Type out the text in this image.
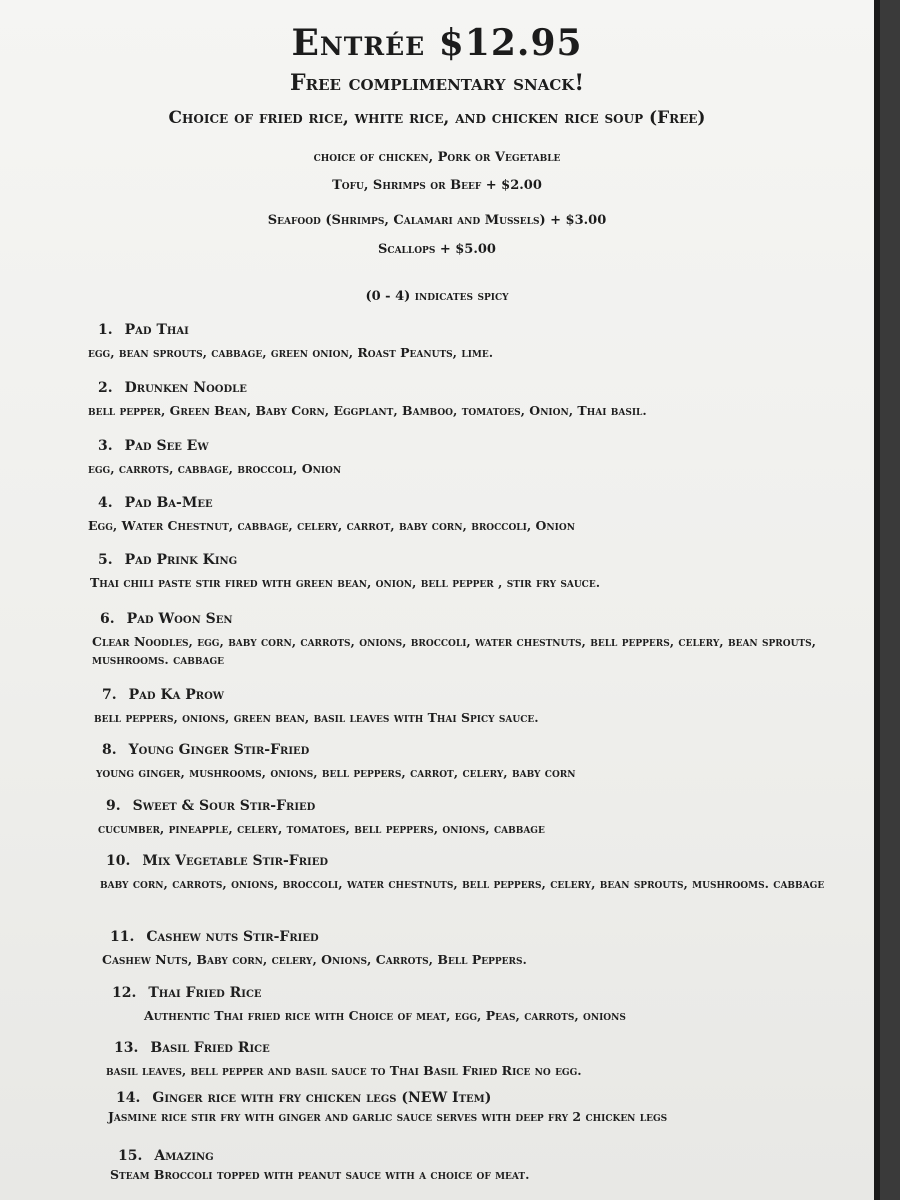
Entrée $12.95
Free complimentary snack!
Choice of fried rice, white rice, and chicken rice soup (Free)
choice of chicken, Pork or Vegetable
Tofu, Shrimps or Beef + $2.00
Seafood (Shrimps, Calamari and Mussels) + $3.00
Scallops + $5.00
(0 - 4) indicates spicy
1. Pad Thai
egg, bean sprouts, cabbage, green onion, Roast Peanuts, lime.
2. Drunken Noodle
bell pepper, Green Bean, Baby Corn, Eggplant, Bamboo, tomatoes, Onion, Thai basil.
3. Pad See Ew
egg, carrots, cabbage, broccoli, Onion
4. Pad Ba-Mee
Egg, Water Chestnut, cabbage, celery, carrot, baby corn, broccoli, Onion
5. Pad Prink King
Thai chili paste stir fired with green bean, onion, bell pepper , stir fry sauce.
6. Pad Woon Sen
Clear Noodles, egg, baby corn, carrots, onions, broccoli, water chestnuts, bell peppers, celery, bean sprouts, mushrooms. cabbage
7. Pad Ka Prow
bell peppers, onions, green bean, basil leaves with Thai Spicy sauce.
8. Young Ginger Stir-Fried
young ginger, mushrooms, onions, bell peppers, carrot, celery, baby corn
9. Sweet & Sour Stir-Fried
cucumber, pineapple, celery, tomatoes, bell peppers, onions, cabbage
10. Mix Vegetable Stir-Fried
baby corn, carrots, onions, broccoli, water chestnuts, bell peppers, celery, bean sprouts, mushrooms. cabbage
11. Cashew nuts Stir-Fried
Cashew Nuts, Baby corn, celery, Onions, Carrots, Bell Peppers.
12. Thai Fried Rice
Authentic Thai fried rice with Choice of meat, egg, Peas, carrots, onions
13. Basil Fried Rice
basil leaves, bell pepper and basil sauce to Thai Basil Fried Rice no egg.
14. Ginger rice with fry chicken legs (NEW Item)
Jasmine rice stir fry with ginger and garlic sauce serves with deep fry 2 chicken legs
15. Amazing
Steam Broccoli topped with peanut sauce with a choice of meat.
